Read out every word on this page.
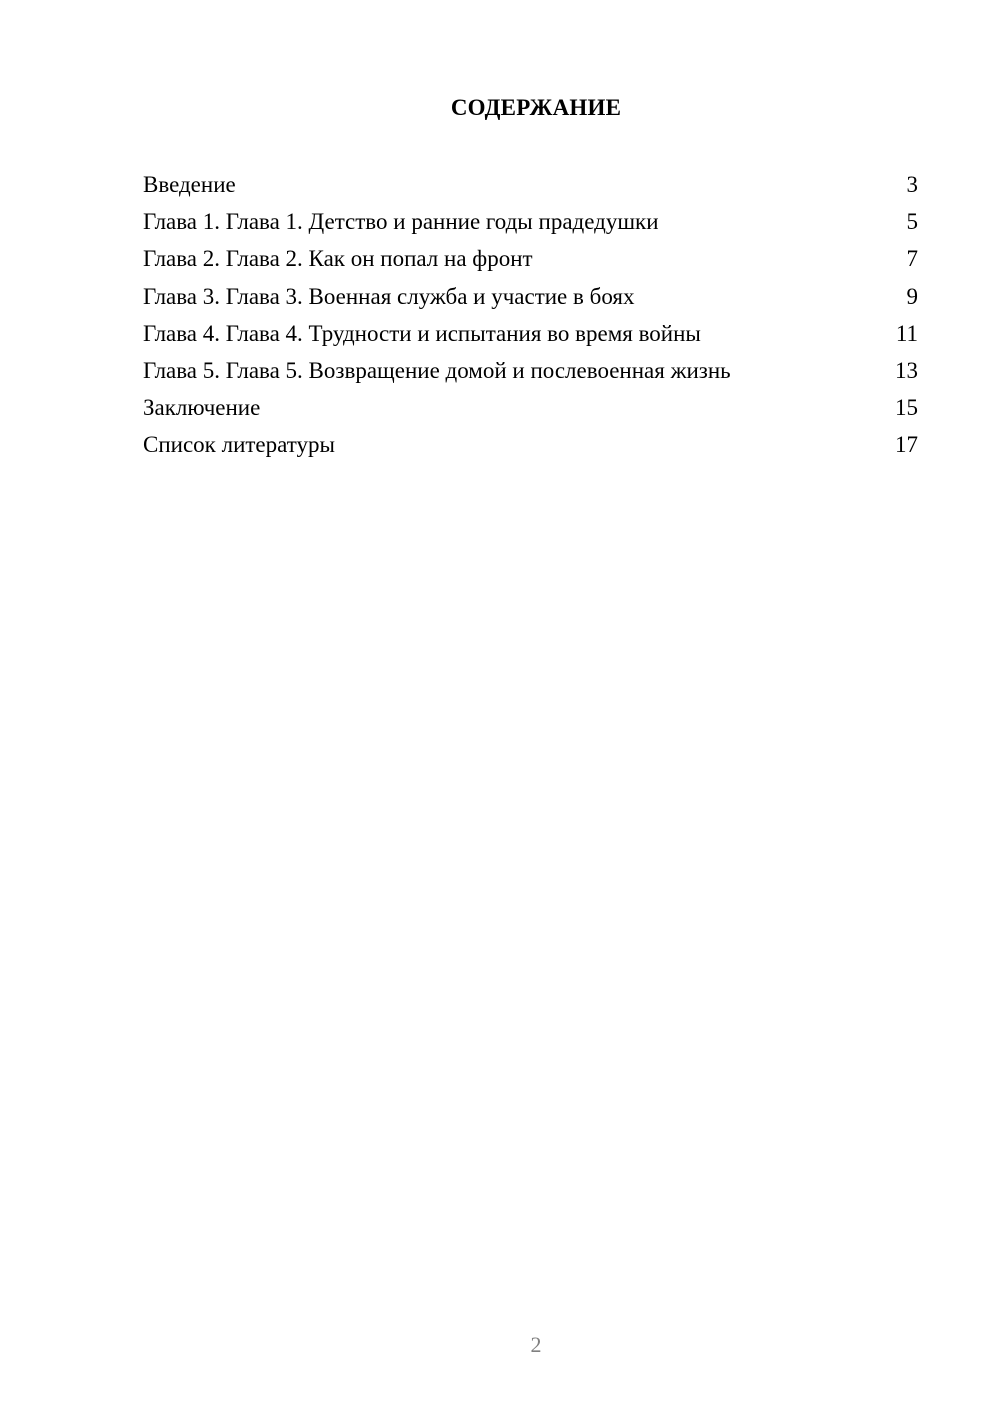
СОДЕРЖАНИЕ
Введение	3
Глава 1. Глава 1. Детство и ранние годы прадедушки	5
Глава 2. Глава 2. Как он попал на фронт	7
Глава 3. Глава 3. Военная служба и участие в боях	9
Глава 4. Глава 4. Трудности и испытания во время войны	11
Глава 5. Глава 5. Возвращение домой и послевоенная жизнь	13
Заключение	15
Список литературы	17
2
